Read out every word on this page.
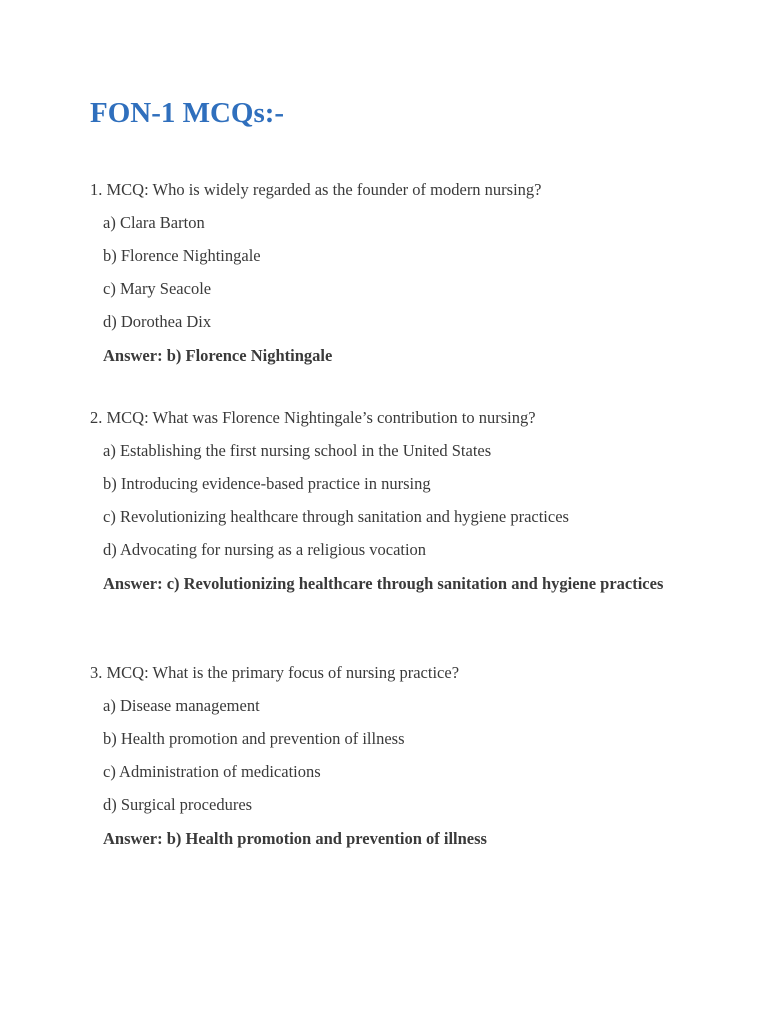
FON-1 MCQs:-

1. MCQ: Who is widely regarded as the founder of modern nursing?

a) Clara Barton

b) Florence Nightingale

c) Mary Seacole

d) Dorothea Dix

Answer: b) Florence Nightingale

2. MCQ: What was Florence Nightingale’s contribution to nursing?

a) Establishing the first nursing school in the United States

b) Introducing evidence-based practice in nursing

c) Revolutionizing healthcare through sanitation and hygiene practices

d) Advocating for nursing as a religious vocation

Answer: c) Revolutionizing healthcare through sanitation and hygiene practices

3. MCQ: What is the primary focus of nursing practice?

a) Disease management

b) Health promotion and prevention of illness

c) Administration of medications

d) Surgical procedures

Answer: b) Health promotion and prevention of illness
